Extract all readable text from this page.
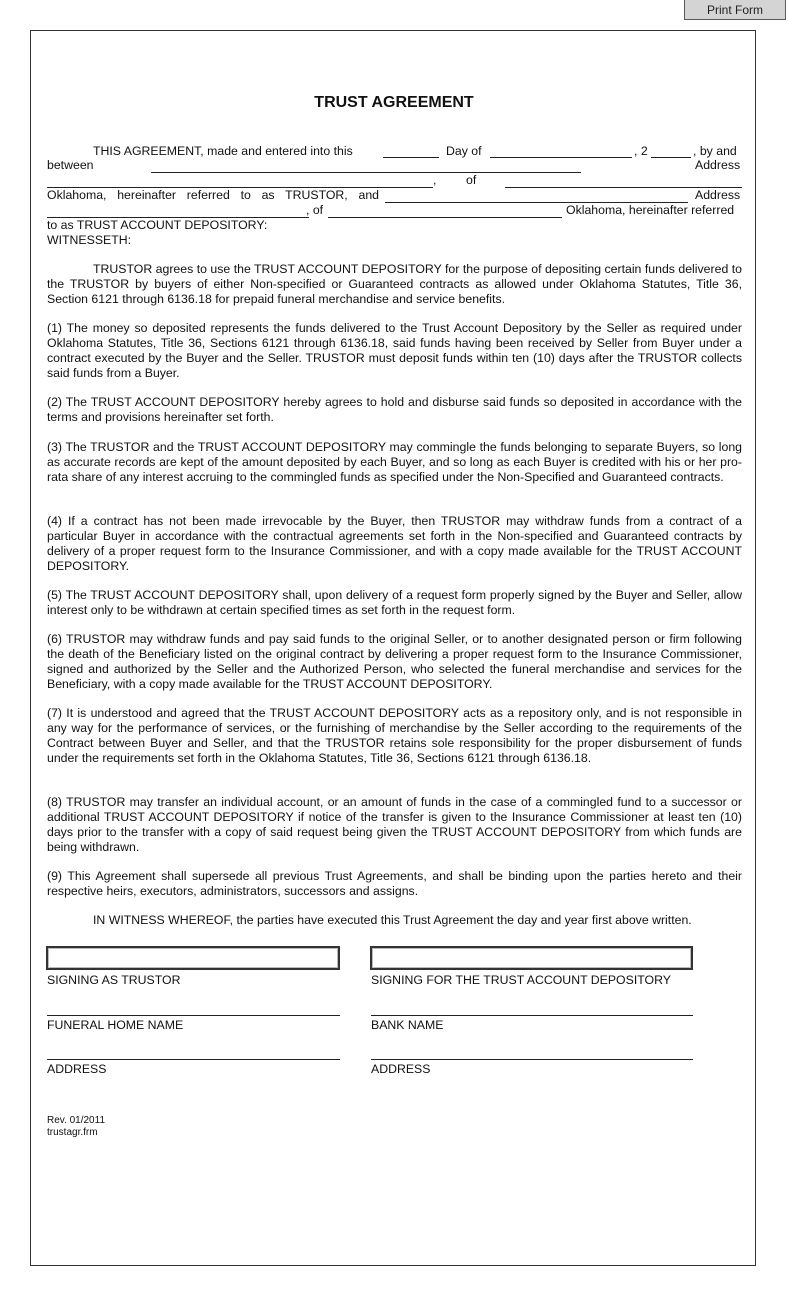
Print Form
TRUST AGREEMENT
THIS AGREEMENT, made and entered into this	Day of	, 2	, by and
between	Address
, of
Oklahoma, hereinafter referred to as TRUSTOR, and	Address
, of	Oklahoma, hereinafter referred
to as TRUST ACCOUNT DEPOSITORY:
WITNESSETH:

TRUSTOR agrees to use the TRUST ACCOUNT DEPOSITORY for the purpose of depositing certain funds delivered to the TRUSTOR by buyers of either Non-specified or Guaranteed contracts as allowed under Oklahoma Statutes, Title 36, Section 6121 through 6136.18 for prepaid funeral merchandise and service benefits.

(1) The money so deposited represents the funds delivered to the Trust Account Depository by the Seller as required under Oklahoma Statutes, Title 36, Sections 6121 through 6136.18, said funds having been received by Seller from Buyer under a contract executed by the Buyer and the Seller. TRUSTOR must deposit funds within ten (10) days after the TRUSTOR collects said funds from a Buyer.

(2) The TRUST ACCOUNT DEPOSITORY hereby agrees to hold and disburse said funds so deposited in accordance with the terms and provisions hereinafter set forth.

(3) The TRUSTOR and the TRUST ACCOUNT DEPOSITORY may commingle the funds belonging to separate Buyers, so long as accurate records are kept of the amount deposited by each Buyer, and so long as each Buyer is credited with his or her pro-rata share of any interest accruing to the commingled funds as specified under the Non-Specified and Guaranteed contracts.

(4) If a contract has not been made irrevocable by the Buyer, then TRUSTOR may withdraw funds from a contract of a particular Buyer in accordance with the contractual agreements set forth in the Non-specified and Guaranteed contracts by delivery of a proper request form to the Insurance Commissioner, and with a copy made available for the TRUST ACCOUNT DEPOSITORY.

(5) The TRUST ACCOUNT DEPOSITORY shall, upon delivery of a request form properly signed by the Buyer and Seller, allow interest only to be withdrawn at certain specified times as set forth in the request form.

(6) TRUSTOR may withdraw funds and pay said funds to the original Seller, or to another designated person or firm following the death of the Beneficiary listed on the original contract by delivering a proper request form to the Insurance Commissioner, signed and authorized by the Seller and the Authorized Person, who selected the funeral merchandise and services for the Beneficiary, with a copy made available for the TRUST ACCOUNT DEPOSITORY.

(7) It is understood and agreed that the TRUST ACCOUNT DEPOSITORY acts as a repository only, and is not responsible in any way for the performance of services, or the furnishing of merchandise by the Seller according to the requirements of the Contract between Buyer and Seller, and that the TRUSTOR retains sole responsibility for the proper disbursement of funds under the requirements set forth in the Oklahoma Statutes, Title 36, Sections 6121 through 6136.18.

(8) TRUSTOR may transfer an individual account, or an amount of funds in the case of a commingled fund to a successor or additional TRUST ACCOUNT DEPOSITORY if notice of the transfer is given to the Insurance Commissioner at least ten (10) days prior to the transfer with a copy of said request being given the TRUST ACCOUNT DEPOSITORY from which funds are being withdrawn.

(9) This Agreement shall supersede all previous Trust Agreements, and shall be binding upon the parties hereto and their respective heirs, executors, administrators, successors and assigns.

IN WITNESS WHEREOF, the parties have executed this Trust Agreement the day and year first above written.
SIGNING AS TRUSTOR	SIGNING FOR THE TRUST ACCOUNT DEPOSITORY
FUNERAL HOME NAME	BANK NAME
ADDRESS	ADDRESS
Rev. 01/2011
trustagr.frm
